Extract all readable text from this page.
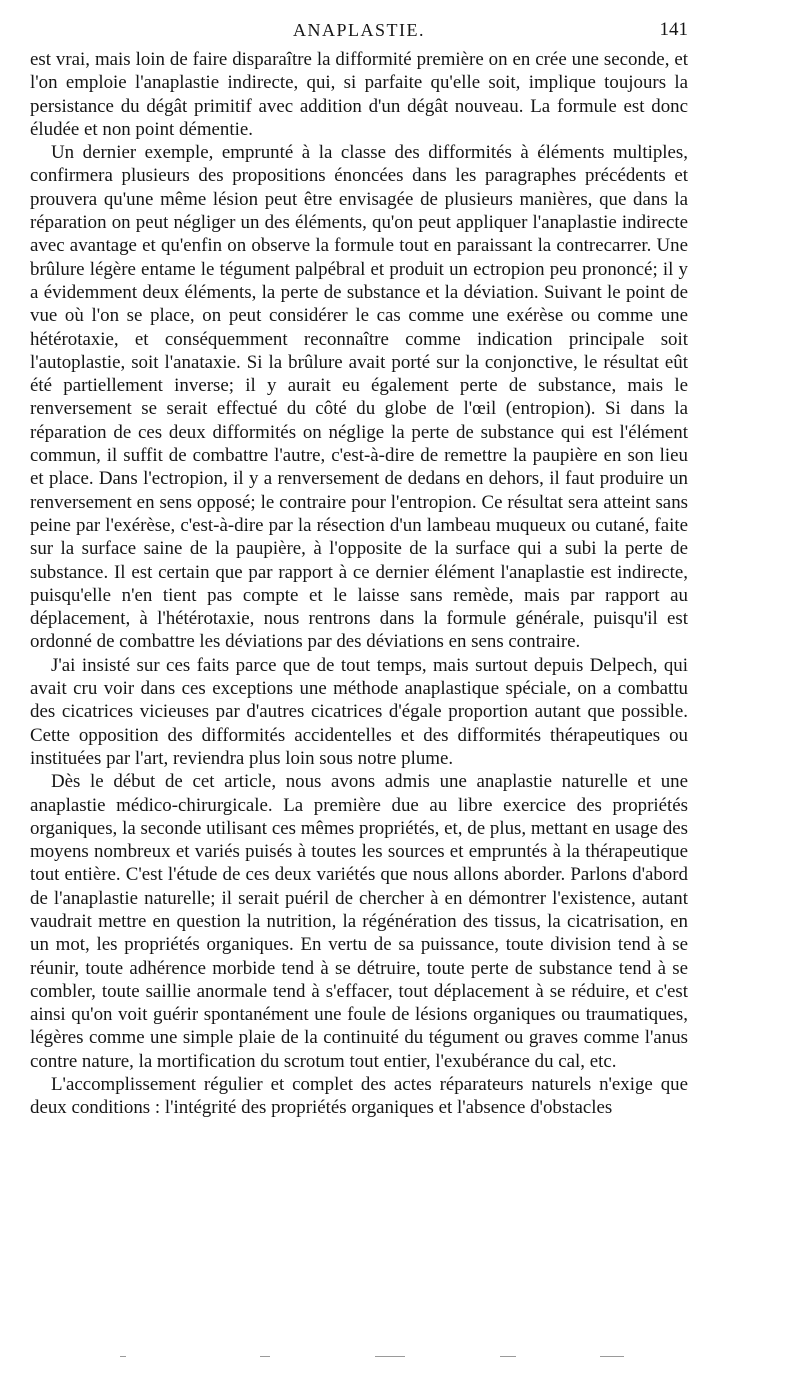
ANAPLASTIE.	141

est vrai, mais loin de faire disparaître la difformité première on en crée une seconde, et l'on emploie l'anaplastie indirecte, qui, si parfaite qu'elle soit, implique toujours la persistance du dégât primitif avec addition d'un dégât nouveau. La formule est donc éludée et non point démentie.

Un dernier exemple, emprunté à la classe des difformités à éléments multiples, confirmera plusieurs des propositions énoncées dans les paragraphes précédents et prouvera qu'une même lésion peut être envisagée de plusieurs manières, que dans la réparation on peut négliger un des éléments, qu'on peut appliquer l'anaplastie indirecte avec avantage et qu'enfin on observe la formule tout en paraissant la contrecarrer. Une brûlure légère entame le tégument palpébral et produit un ectropion peu prononcé; il y a évidemment deux éléments, la perte de substance et la déviation. Suivant le point de vue où l'on se place, on peut considérer le cas comme une exérèse ou comme une hétérotaxie, et conséquemment reconnaître comme indication principale soit l'autoplastie, soit l'anataxie. Si la brûlure avait porté sur la conjonctive, le résultat eût été partiellement inverse; il y aurait eu également perte de substance, mais le renversement se serait effectué du côté du globe de l'œil (entropion). Si dans la réparation de ces deux difformités on néglige la perte de substance qui est l'élément commun, il suffit de combattre l'autre, c'est-à-dire de remettre la paupière en son lieu et place. Dans l'ectropion, il y a renversement de dedans en dehors, il faut produire un renversement en sens opposé; le contraire pour l'entropion. Ce résultat sera atteint sans peine par l'exérèse, c'est-à-dire par la résection d'un lambeau muqueux ou cutané, faite sur la surface saine de la paupière, à l'opposite de la surface qui a subi la perte de substance. Il est certain que par rapport à ce dernier élément l'anaplastie est indirecte, puisqu'elle n'en tient pas compte et le laisse sans remède, mais par rapport au déplacement, à l'hétérotaxie, nous rentrons dans la formule générale, puisqu'il est ordonné de combattre les déviations par des déviations en sens contraire.

J'ai insisté sur ces faits parce que de tout temps, mais surtout depuis Delpech, qui avait cru voir dans ces exceptions une méthode anaplastique spéciale, on a combattu des cicatrices vicieuses par d'autres cicatrices d'égale proportion autant que possible. Cette opposition des difformités accidentelles et des difformités thérapeutiques ou instituées par l'art, reviendra plus loin sous notre plume.

Dès le début de cet article, nous avons admis une anaplastie naturelle et une anaplastie médico-chirurgicale. La première due au libre exercice des propriétés organiques, la seconde utilisant ces mêmes propriétés, et, de plus, mettant en usage des moyens nombreux et variés puisés à toutes les sources et empruntés à la thérapeutique tout entière. C'est l'étude de ces deux variétés que nous allons aborder. Parlons d'abord de l'anaplastie naturelle; il serait puéril de chercher à en démontrer l'existence, autant vaudrait mettre en question la nutrition, la régénération des tissus, la cicatrisation, en un mot, les propriétés organiques. En vertu de sa puissance, toute division tend à se réunir, toute adhérence morbide tend à se détruire, toute perte de substance tend à se combler, toute saillie anormale tend à s'effacer, tout déplacement à se réduire, et c'est ainsi qu'on voit guérir spontanément une foule de lésions organiques ou traumatiques, légères comme une simple plaie de la continuité du tégument ou graves comme l'anus contre nature, la mortification du scrotum tout entier, l'exubérance du cal, etc.

L'accomplissement régulier et complet des actes réparateurs naturels n'exige que deux conditions : l'intégrité des propriétés organiques et l'absence d'obstacles
